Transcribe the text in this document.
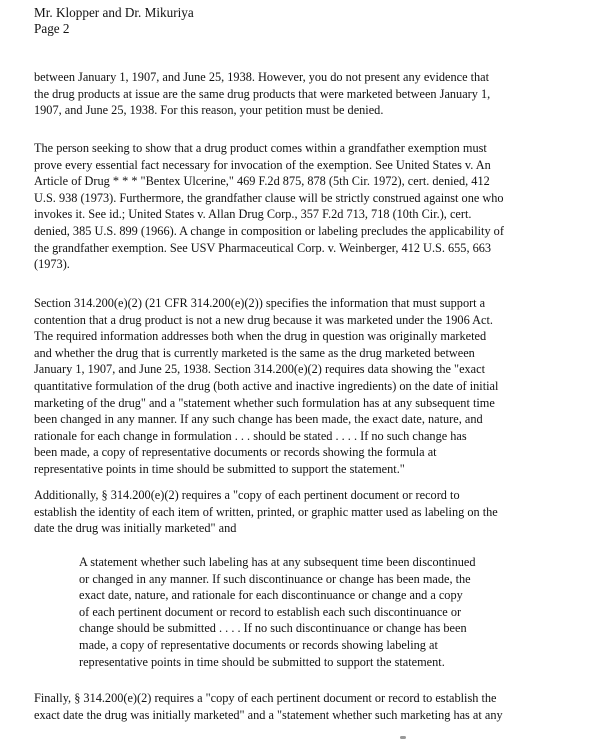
Mr. Klopper and Dr. Mikuriya
Page 2
between January 1, 1907, and June 25, 1938. However, you do not present any evidence that
the drug products at issue are the same drug products that were marketed between January 1,
1907, and June 25, 1938. For this reason, your petition must be denied.
The person seeking to show that a drug product comes within a grandfather exemption must
prove every essential fact necessary for invocation of the exemption. See United States v. An
Article of Drug * * * "Bentex Ulcerine," 469 F.2d 875, 878 (5th Cir. 1972), cert. denied, 412
U.S. 938 (1973). Furthermore, the grandfather clause will be strictly construed against one who
invokes it. See id.; United States v. Allan Drug Corp., 357 F.2d 713, 718 (10th Cir.), cert.
denied, 385 U.S. 899 (1966). A change in composition or labeling precludes the applicability of
the grandfather exemption. See USV Pharmaceutical Corp. v. Weinberger, 412 U.S. 655, 663
(1973).
Section 314.200(e)(2) (21 CFR 314.200(e)(2)) specifies the information that must support a
contention that a drug product is not a new drug because it was marketed under the 1906 Act.
The required information addresses both when the drug in question was originally marketed
and whether the drug that is currently marketed is the same as the drug marketed between
January 1, 1907, and June 25, 1938. Section 314.200(e)(2) requires data showing the "exact
quantitative formulation of the drug (both active and inactive ingredients) on the date of initial
marketing of the drug" and a "statement whether such formulation has at any subsequent time
been changed in any manner. If any such change has been made, the exact date, nature, and
rationale for each change in formulation . . . should be stated . . . . If no such change has
been made, a copy of representative documents or records showing the formula at
representative points in time should be submitted to support the statement."
Additionally, § 314.200(e)(2) requires a "copy of each pertinent document or record to
establish the identity of each item of written, printed, or graphic matter used as labeling on the
date the drug was initially marketed" and
A statement whether such labeling has at any subsequent time been discontinued
or changed in any manner. If such discontinuance or change has been made, the
exact date, nature, and rationale for each discontinuance or change and a copy
of each pertinent document or record to establish each such discontinuance or
change should be submitted . . . . If no such discontinuance or change has been
made, a copy of representative documents or records showing labeling at
representative points in time should be submitted to support the statement.
Finally, § 314.200(e)(2) requires a "copy of each pertinent document or record to establish the
exact date the drug was initially marketed" and a "statement whether such marketing has at any
